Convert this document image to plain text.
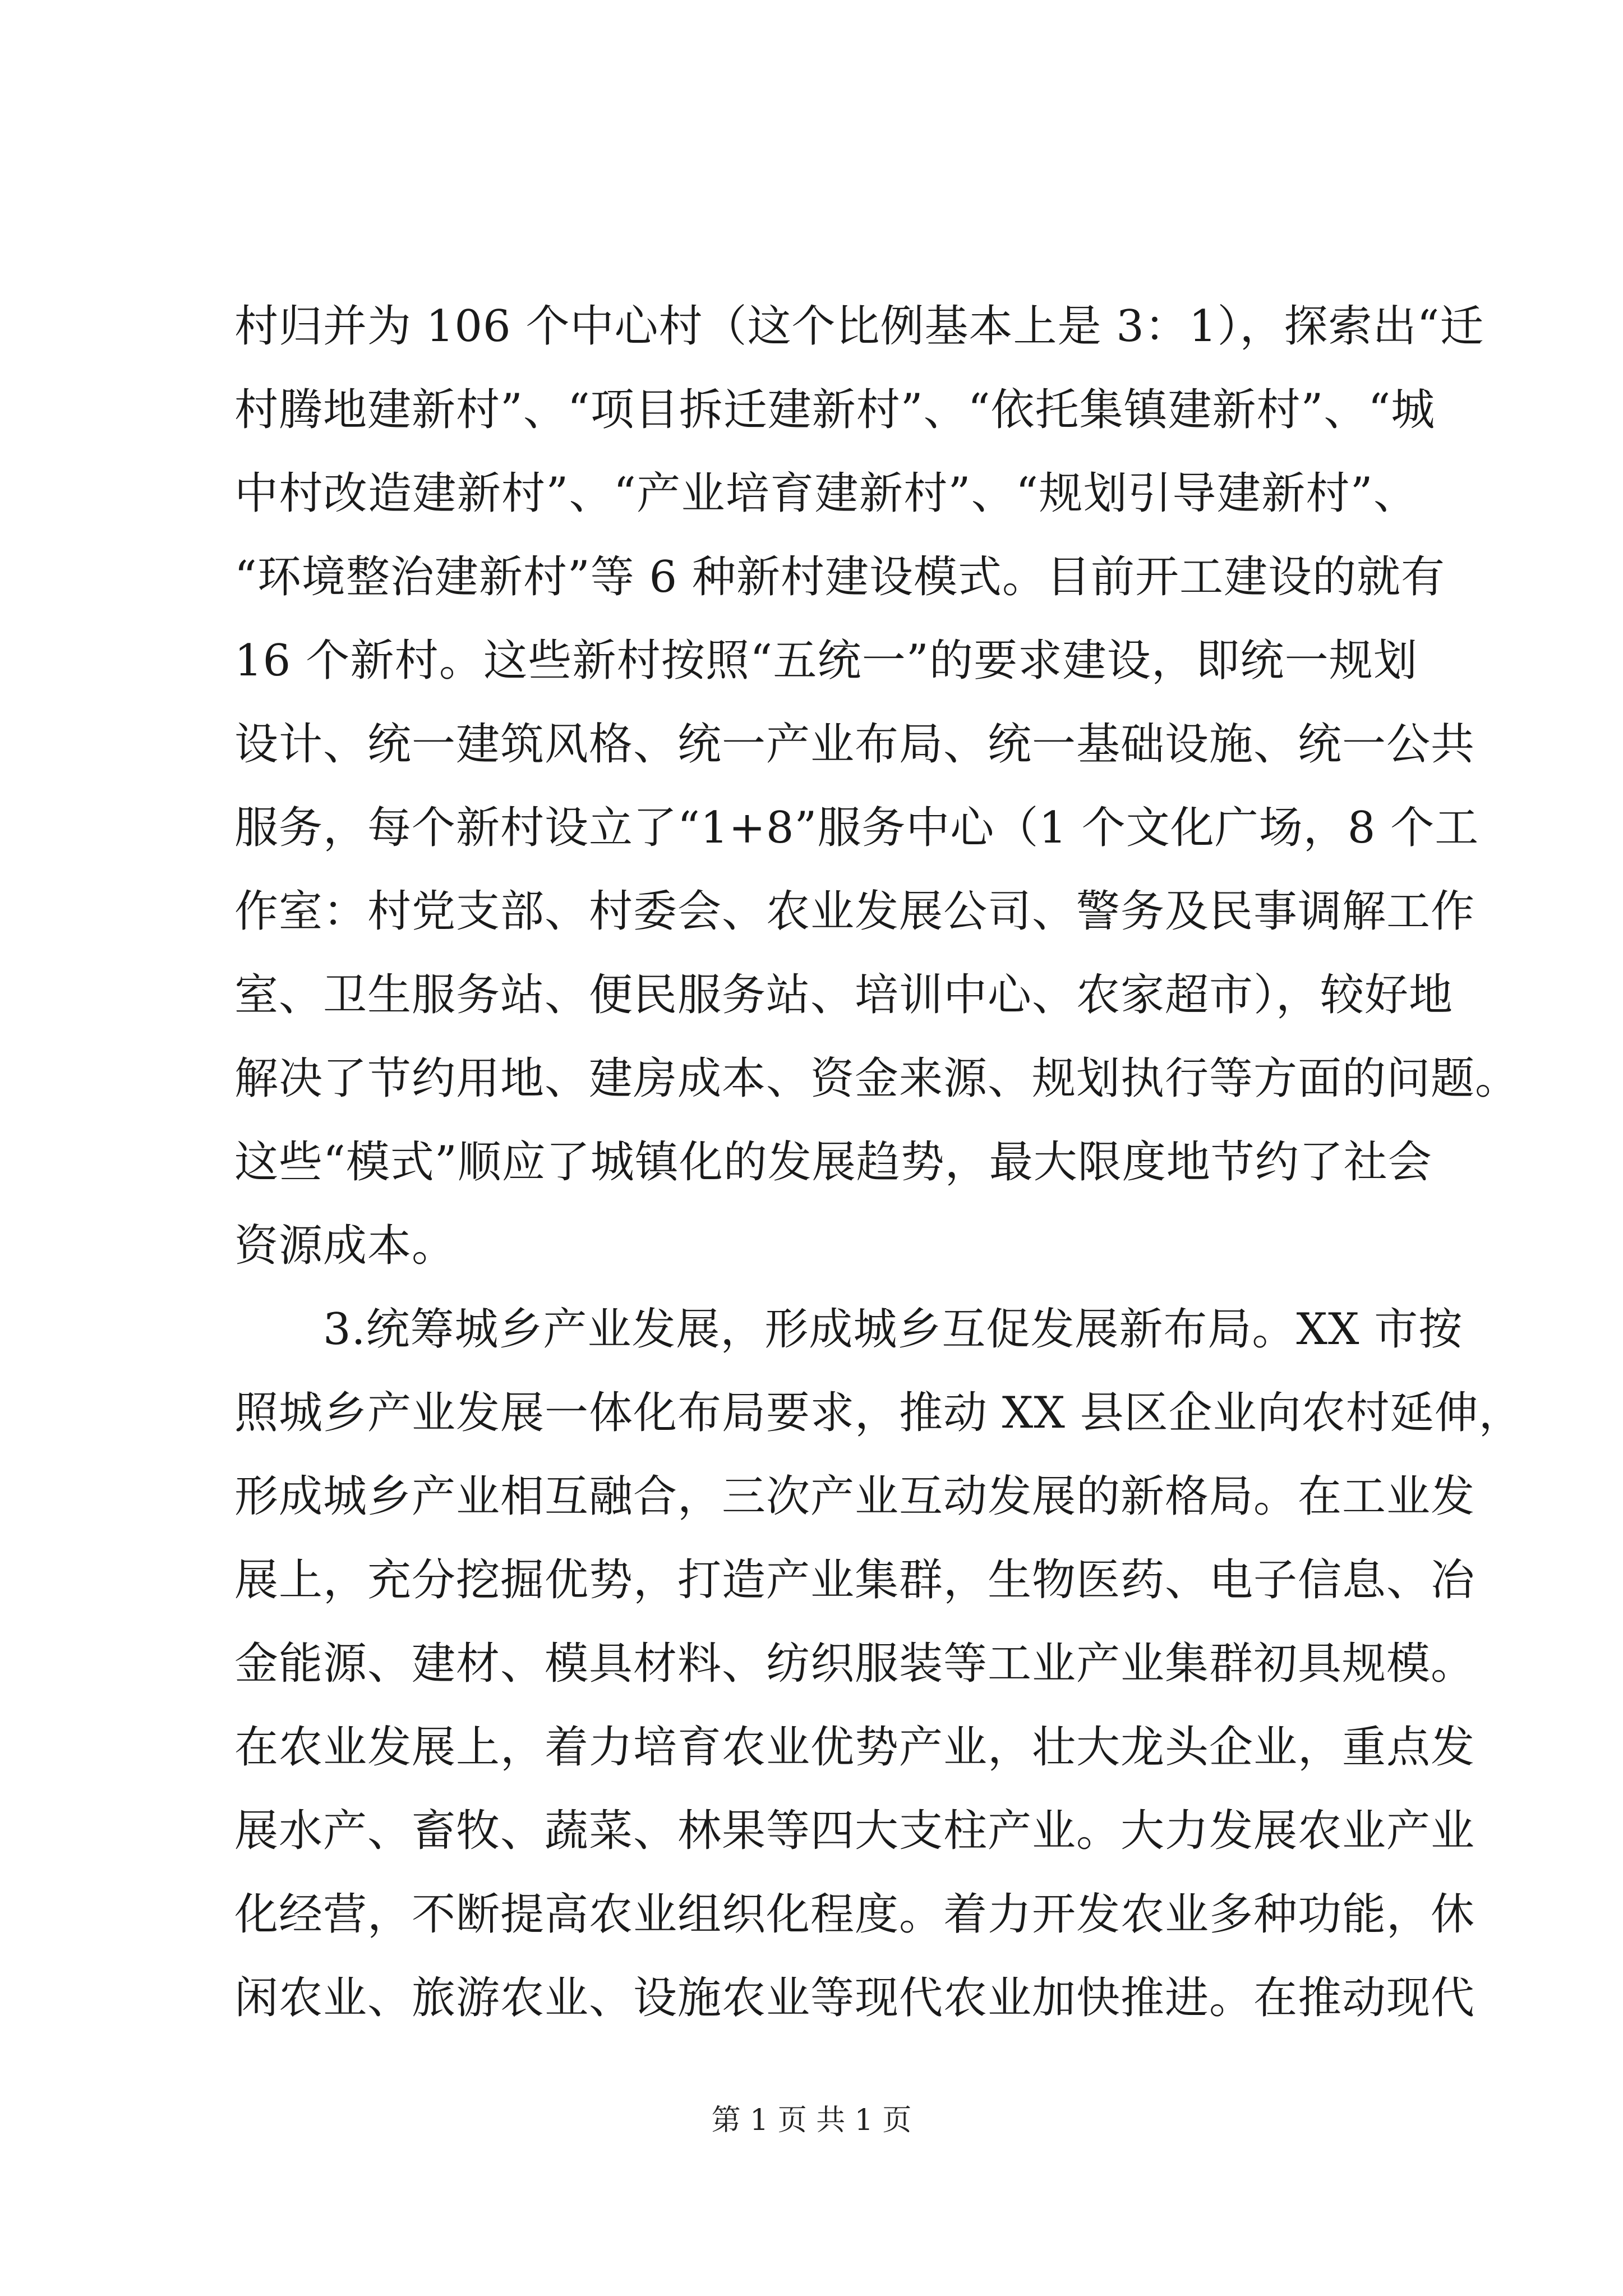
村归并为 106 个中心村（这个比例基本上是 3：1），探索出“迁
村腾地建新村”、“项目拆迁建新村”、“依托集镇建新村”、“城
中村改造建新村”、“产业培育建新村”、“规划引导建新村”、
“环境整治建新村”等 6 种新村建设模式。目前开工建设的就有
16 个新村。这些新村按照“五统一”的要求建设，即统一规划
设计、统一建筑风格、统一产业布局、统一基础设施、统一公共
服务，每个新村设立了“1+8”服务中心（1 个文化广场，8 个工
作室：村党支部、村委会、农业发展公司、警务及民事调解工作
室、卫生服务站、便民服务站、培训中心、农家超市），较好地
解决了节约用地、建房成本、资金来源、规划执行等方面的问题。
这些“模式”顺应了城镇化的发展趋势，最大限度地节约了社会
资源成本。
　　3.统筹城乡产业发展，形成城乡互促发展新布局。XX 市按
照城乡产业发展一体化布局要求，推动 XX 县区企业向农村延伸，
形成城乡产业相互融合，三次产业互动发展的新格局。在工业发
展上，充分挖掘优势，打造产业集群，生物医药、电子信息、冶
金能源、建材、模具材料、纺织服装等工业产业集群初具规模。
在农业发展上，着力培育农业优势产业，壮大龙头企业，重点发
展水产、畜牧、蔬菜、林果等四大支柱产业。大力发展农业产业
化经营，不断提高农业组织化程度。着力开发农业多种功能，休
闲农业、旅游农业、设施农业等现代农业加快推进。在推动现代
第 1 页 共 1 页
